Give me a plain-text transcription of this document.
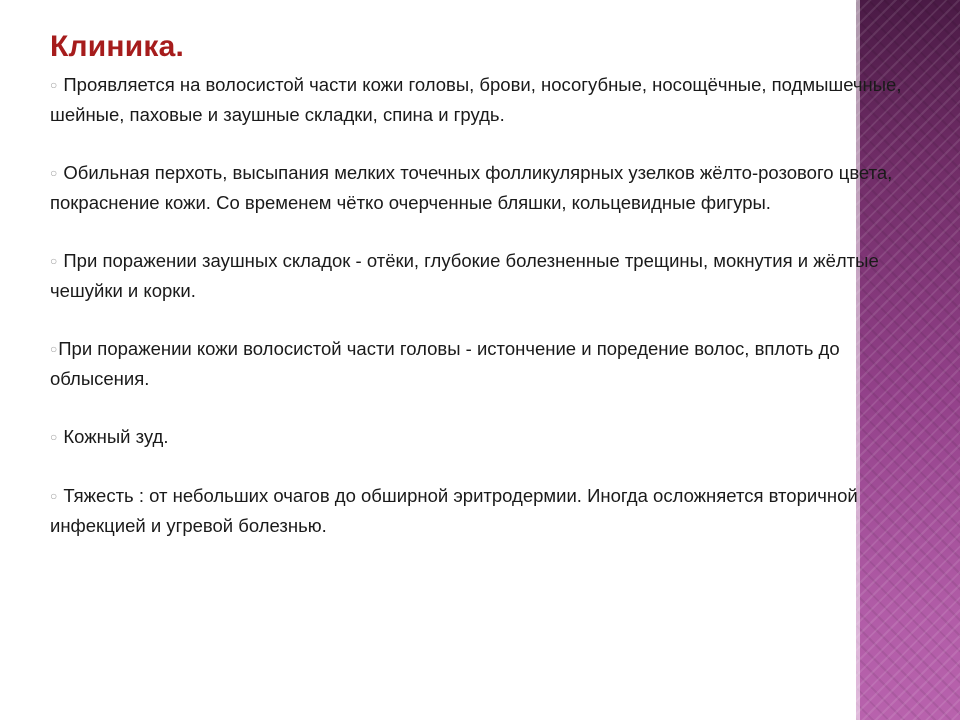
Клиника.

○ Проявляется на волосистой части кожи головы, брови, носогубные, носощёчные, подмышечные, шейные, паховые и заушные складки, спина и грудь.

○ Обильная перхоть, высыпания мелких точечных фолликулярных узелков жёлто-розового цвета, покраснение кожи. Со временем чётко очерченные бляшки, кольцевидные фигуры.

○ При поражении заушных складок - отёки, глубокие болезненные трещины, мокнутия и жёлтые чешуйки и корки.

○При поражении кожи волосистой части головы - истончение и поредение волос, вплоть до облысения.

○ Кожный зуд.

○ Тяжесть : от небольших очагов до обширной эритродермии. Иногда осложняется вторичной инфекцией и угревой болезнью.
